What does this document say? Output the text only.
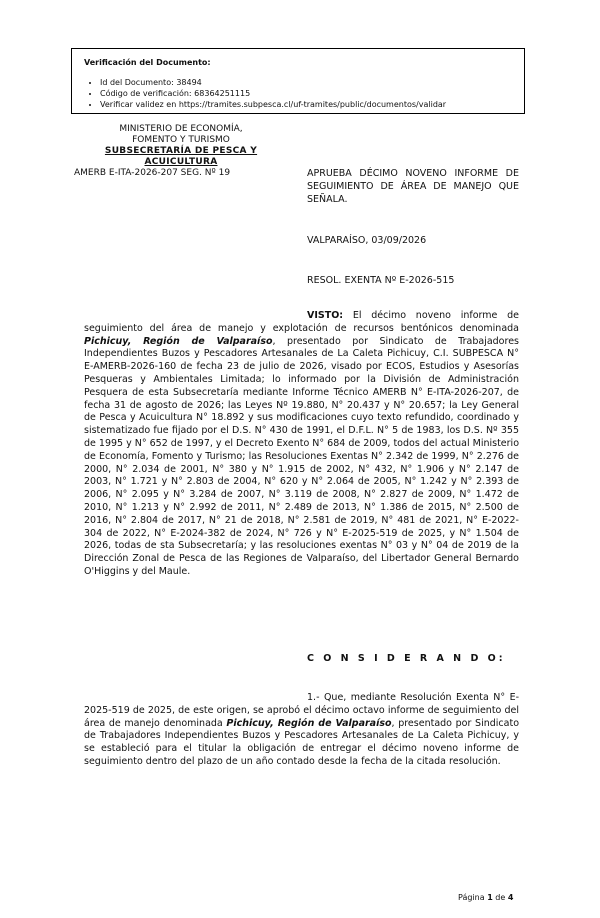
Verificación del Documento:
• Id del Documento: 38494
• Código de verificación: 68364251115
• Verificar validez en https://tramites.subpesca.cl/uf-tramites/public/documentos/validar
MINISTERIO DE ECONOMÍA,
FOMENTO Y TURISMO
SUBSECRETARÍA DE PESCA Y ACUICULTURA
AMERB E-ITA-2026-207 SEG. Nº 19	APRUEBA DÉCIMO NOVENO INFORME DE SEGUIMIENTO DE ÁREA DE MANEJO QUE SEÑALA.
VALPARAÍSO, 03/09/2026
RESOL. EXENTA Nº E-2026-515
VISTO: El décimo noveno informe de seguimiento del área de manejo y explotación de recursos bentónicos denominada Pichicuy, Región de Valparaíso, presentado por Sindicato de Trabajadores Independientes Buzos y Pescadores Artesanales de La Caleta Pichicuy, C.I. SUBPESCA N° E-AMERB-2026-160 de fecha 23 de julio de 2026, visado por ECOS, Estudios y Asesorías Pesqueras y Ambientales Limitada; lo informado por la División de Administración Pesquera de esta Subsecretaría mediante Informe Técnico AMERB N° E-ITA-2026-207, de fecha 31 de agosto de 2026; las Leyes Nº 19.880, N° 20.437 y N° 20.657; la Ley General de Pesca y Acuicultura N° 18.892 y sus modificaciones cuyo texto refundido, coordinado y sistematizado fue fijado por el D.S. N° 430 de 1991, el D.F.L. N° 5 de 1983, los D.S. Nº 355 de 1995 y N° 652 de 1997, y el Decreto Exento N° 684 de 2009, todos del actual Ministerio de Economía, Fomento y Turismo; las Resoluciones Exentas N° 2.342 de 1999, N° 2.276 de 2000, N° 2.034 de 2001, N° 380 y N° 1.915 de 2002, N° 432, N° 1.906 y N° 2.147 de 2003, N° 1.721 y N° 2.803 de 2004, N° 620 y N° 2.064 de 2005, N° 1.242 y N° 2.393 de 2006, N° 2.095 y N° 3.284 de 2007, N° 3.119 de 2008, N° 2.827 de 2009, N° 1.472 de 2010, N° 1.213 y N° 2.992 de 2011, N° 2.489 de 2013, N° 1.386 de 2015, N° 2.500 de 2016, N° 2.804 de 2017, N° 21 de 2018, N° 2.581 de 2019, N° 481 de 2021, N° E-2022-304 de 2022, N° E-2024-382 de 2024, N° 726 y N° E-2025-519 de 2025, y N° 1.504 de 2026, todas de sta Subsecretaría; y las resoluciones exentas N° 03 y N° 04 de 2019 de la Dirección Zonal de Pesca de las Regiones de Valparaíso, del Libertador General Bernardo O'Higgins y del Maule.
C O N S I D E R A N D O:
1.- Que, mediante Resolución Exenta N° E-2025-519 de 2025, de este origen, se aprobó el décimo octavo informe de seguimiento del área de manejo denominada Pichicuy, Región de Valparaíso, presentado por Sindicato de Trabajadores Independientes Buzos y Pescadores Artesanales de La Caleta Pichicuy, y se estableció para el titular la obligación de entregar el décimo noveno informe de seguimiento dentro del plazo de un año contado desde la fecha de la citada resolución.
Página 1 de 4
